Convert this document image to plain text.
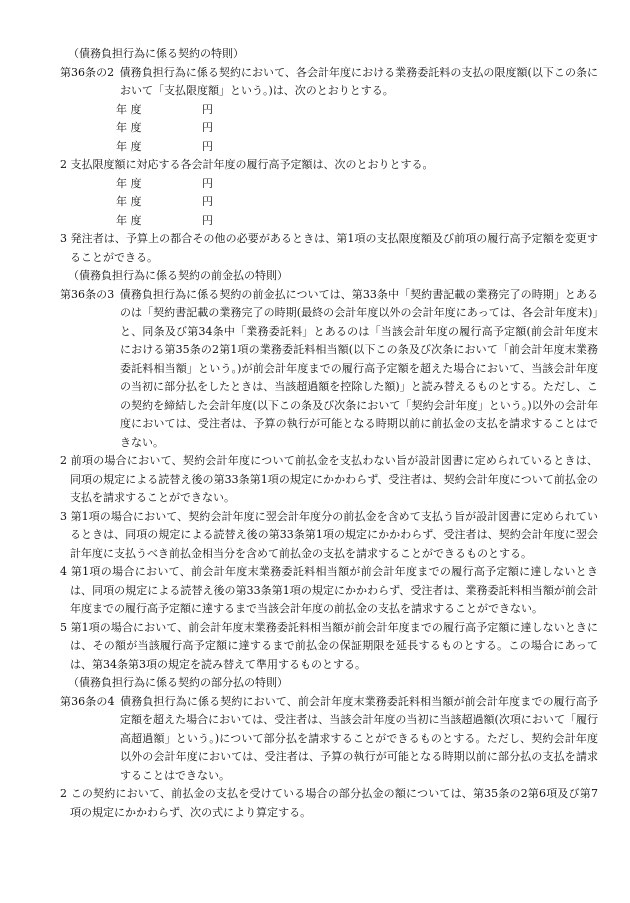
（債務負担行為に係る契約の特則）
第36条の2 債務負担行為に係る契約において、各会計年度における業務委託料の支払の限度額(以下この条において「支払限度額」という。)は、次のとおりとする。
年 度	円
年 度	円
年 度	円
2 支払限度額に対応する各会計年度の履行高予定額は、次のとおりとする。
年 度	円
年 度	円
年 度	円
3 発注者は、予算上の都合その他の必要があるときは、第1項の支払限度額及び前項の履行高予定額を変更することができる。
（債務負担行為に係る契約の前金払の特則）
第36条の3 債務負担行為に係る契約の前金払については、第33条中「契約書記載の業務完了の時期」とあるのは「契約書記載の業務完了の時期(最終の会計年度以外の会計年度にあっては、各会計年度末)」と、同条及び第34条中「業務委託料」とあるのは「当該会計年度の履行高予定額(前会計年度末における第35条の2第1項の業務委託料相当額(以下この条及び次条において「前会計年度末業務委託料相当額」という。)が前会計年度までの履行高予定額を超えた場合において、当該会計年度の当初に部分払をしたときは、当該超過額を控除した額)」と読み替えるものとする。ただし、この契約を締結した会計年度(以下この条及び次条において「契約会計年度」という。)以外の会計年度においては、受注者は、予算の執行が可能となる時期以前に前払金の支払を請求することはできない。
2 前項の場合において、契約会計年度について前払金を支払わない旨が設計図書に定められているときは、同項の規定による読替え後の第33条第1項の規定にかかわらず、受注者は、契約会計年度について前払金の支払を請求することができない。
3 第1項の場合において、契約会計年度に翌会計年度分の前払金を含めて支払う旨が設計図書に定められているときは、同項の規定による読替え後の第33条第1項の規定にかかわらず、受注者は、契約会計年度に翌会計年度に支払うべき前払金相当分を含めて前払金の支払を請求することができるものとする。
4 第1項の場合において、前会計年度末業務委託料相当額が前会計年度までの履行高予定額に達しないときは、同項の規定による読替え後の第33条第1項の規定にかかわらず、受注者は、業務委託料相当額が前会計年度までの履行高予定額に達するまで当該会計年度の前払金の支払を請求することができない。
5 第1項の場合において、前会計年度末業務委託料相当額が前会計年度までの履行高予定額に達しないときには、その額が当該履行高予定額に達するまで前払金の保証期限を延長するものとする。この場合にあっては、第34条第3項の規定を読み替えて準用するものとする。
（債務負担行為に係る契約の部分払の特則）
第36条の4 債務負担行為に係る契約において、前会計年度末業務委託料相当額が前会計年度までの履行高予定額を超えた場合においては、受注者は、当該会計年度の当初に当該超過額(次項において「履行高超過額」という。)について部分払を請求することができるものとする。ただし、契約会計年度以外の会計年度においては、受注者は、予算の執行が可能となる時期以前に部分払の支払を請求することはできない。
2 この契約において、前払金の支払を受けている場合の部分払金の額については、第35条の2第6項及び第7項の規定にかかわらず、次の式により算定する。
